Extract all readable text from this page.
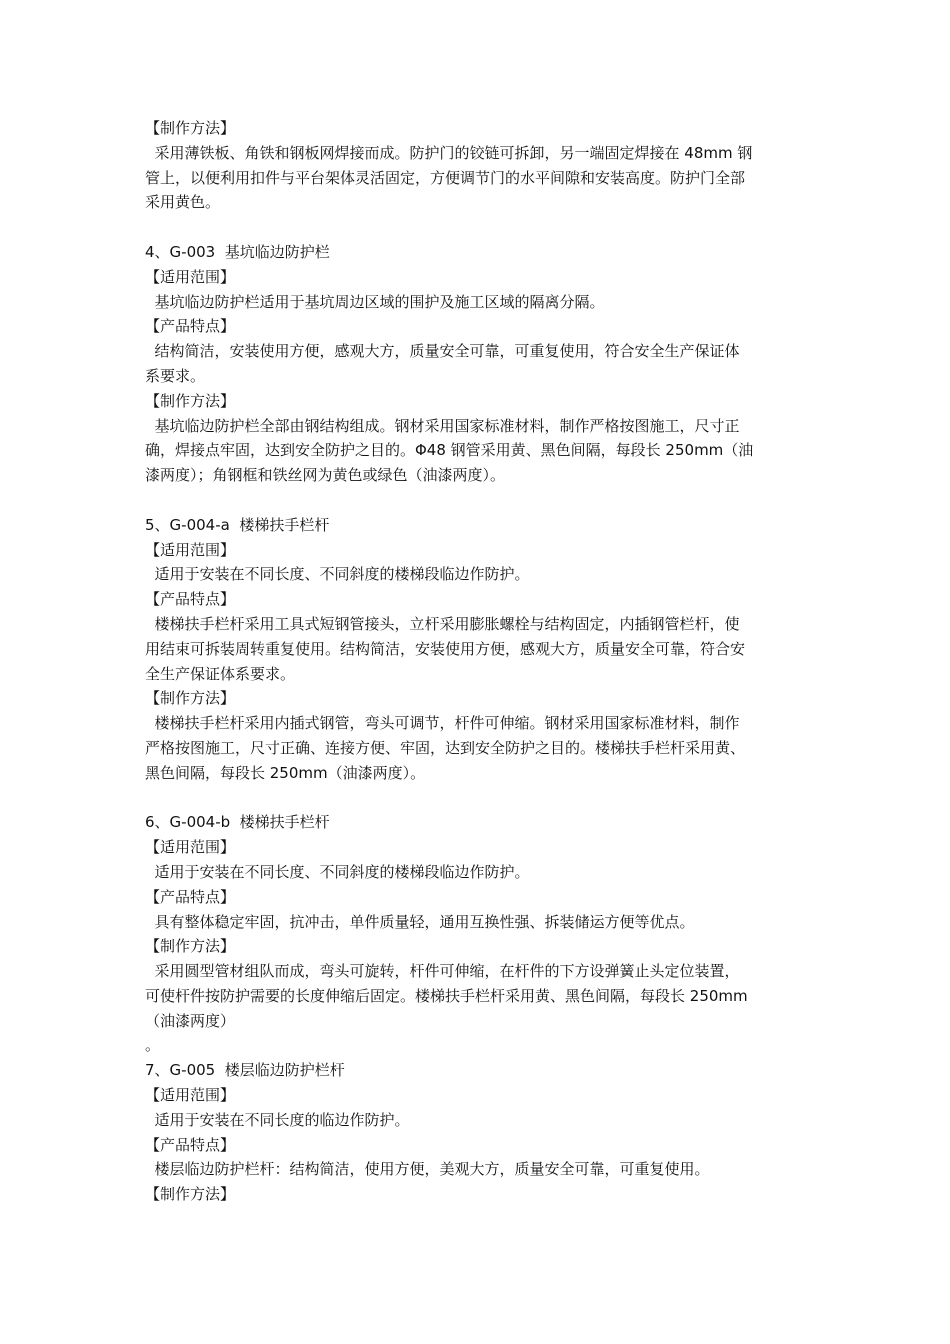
【制作方法】
采用薄铁板、角铁和钢板网焊接而成。防护门的铰链可拆卸，另一端固定焊接在 48mm 钢
管上，以便利用扣件与平台架体灵活固定，方便调节门的水平间隙和安装高度。防护门全部
采用黄色。
4、G-003  基坑临边防护栏
【适用范围】
基坑临边防护栏适用于基坑周边区域的围护及施工区域的隔离分隔。
【产品特点】
结构简洁，安装使用方便，感观大方，质量安全可靠，可重复使用，符合安全生产保证体
系要求。
【制作方法】
基坑临边防护栏全部由钢结构组成。钢材采用国家标准材料，制作严格按图施工，尺寸正
确，焊接点牢固，达到安全防护之目的。Φ48 钢管采用黄、黑色间隔，每段长 250mm（油
漆两度）；角钢框和铁丝网为黄色或绿色（油漆两度）。
5、G-004-a  楼梯扶手栏杆
【适用范围】
适用于安装在不同长度、不同斜度的楼梯段临边作防护。
【产品特点】
楼梯扶手栏杆采用工具式短钢管接头，立杆采用膨胀螺栓与结构固定，内插钢管栏杆，使
用结束可拆装周转重复使用。结构简洁，安装使用方便，感观大方，质量安全可靠，符合安
全生产保证体系要求。
【制作方法】
楼梯扶手栏杆采用内插式钢管，弯头可调节，杆件可伸缩。钢材采用国家标准材料，制作
严格按图施工，尺寸正确、连接方便、牢固，达到安全防护之目的。楼梯扶手栏杆采用黄、
黑色间隔，每段长 250mm（油漆两度）。
6、G-004-b  楼梯扶手栏杆
【适用范围】
适用于安装在不同长度、不同斜度的楼梯段临边作防护。
【产品特点】
具有整体稳定牢固，抗冲击，单件质量轻，通用互换性强、拆装储运方便等优点。
【制作方法】
采用圆型管材组队而成，弯头可旋转，杆件可伸缩，在杆件的下方设弹簧止头定位装置，
可使杆件按防护需要的长度伸缩后固定。楼梯扶手栏杆采用黄、黑色间隔，每段长 250mm
（油漆两度）
。
7、G-005  楼层临边防护栏杆
【适用范围】
适用于安装在不同长度的临边作防护。
【产品特点】
楼层临边防护栏杆：结构简洁，使用方便，美观大方，质量安全可靠，可重复使用。
【制作方法】
